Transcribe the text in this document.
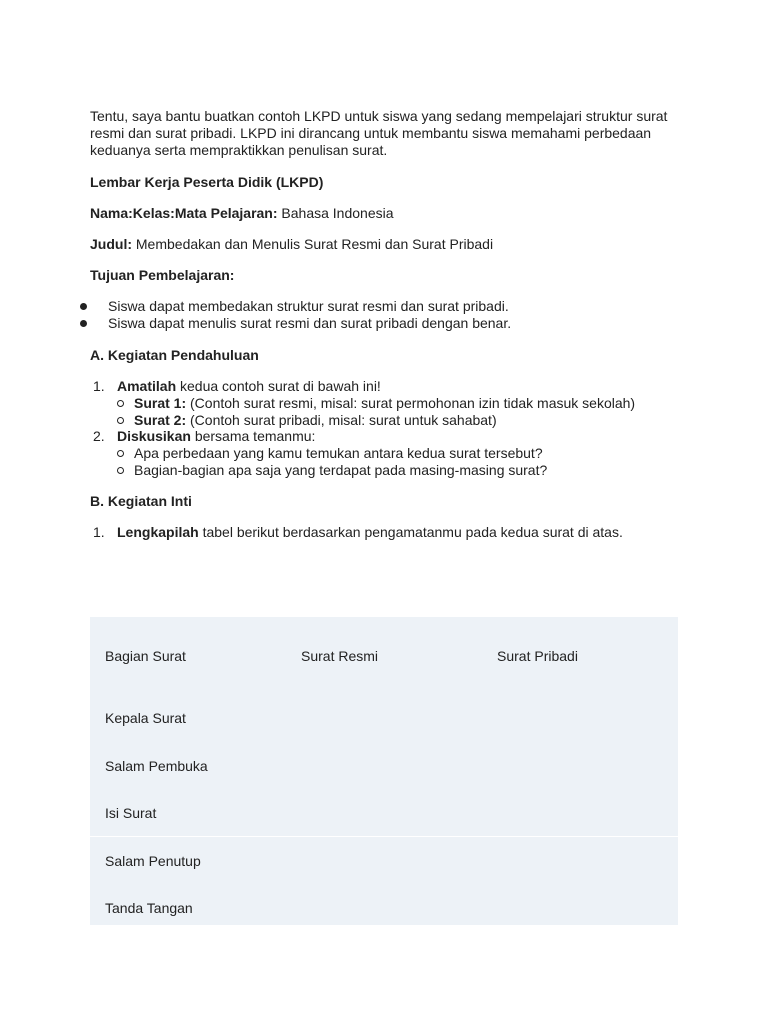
Tentu, saya bantu buatkan contoh LKPD untuk siswa yang sedang mempelajari struktur surat resmi dan surat pribadi. LKPD ini dirancang untuk membantu siswa memahami perbedaan keduanya serta mempraktikkan penulisan surat.

Lembar Kerja Peserta Didik (LKPD)

Nama:Kelas:Mata Pelajaran: Bahasa Indonesia

Judul: Membedakan dan Menulis Surat Resmi dan Surat Pribadi

Tujuan Pembelajaran:

Siswa dapat membedakan struktur surat resmi dan surat pribadi.
Siswa dapat menulis surat resmi dan surat pribadi dengan benar.

A. Kegiatan Pendahuluan

1. Amatilah kedua contoh surat di bawah ini!
Surat 1: (Contoh surat resmi, misal: surat permohonan izin tidak masuk sekolah)
Surat 2: (Contoh surat pribadi, misal: surat untuk sahabat)
2. Diskusikan bersama temanmu:
Apa perbedaan yang kamu temukan antara kedua surat tersebut?
Bagian-bagian apa saja yang terdapat pada masing-masing surat?

B. Kegiatan Inti

1. Lengkapilah tabel berikut berdasarkan pengamatanmu pada kedua surat di atas.
Bagian Surat	Surat Resmi	Surat Pribadi
Kepala Surat
Salam Pembuka
Isi Surat
Salam Penutup
Tanda Tangan
